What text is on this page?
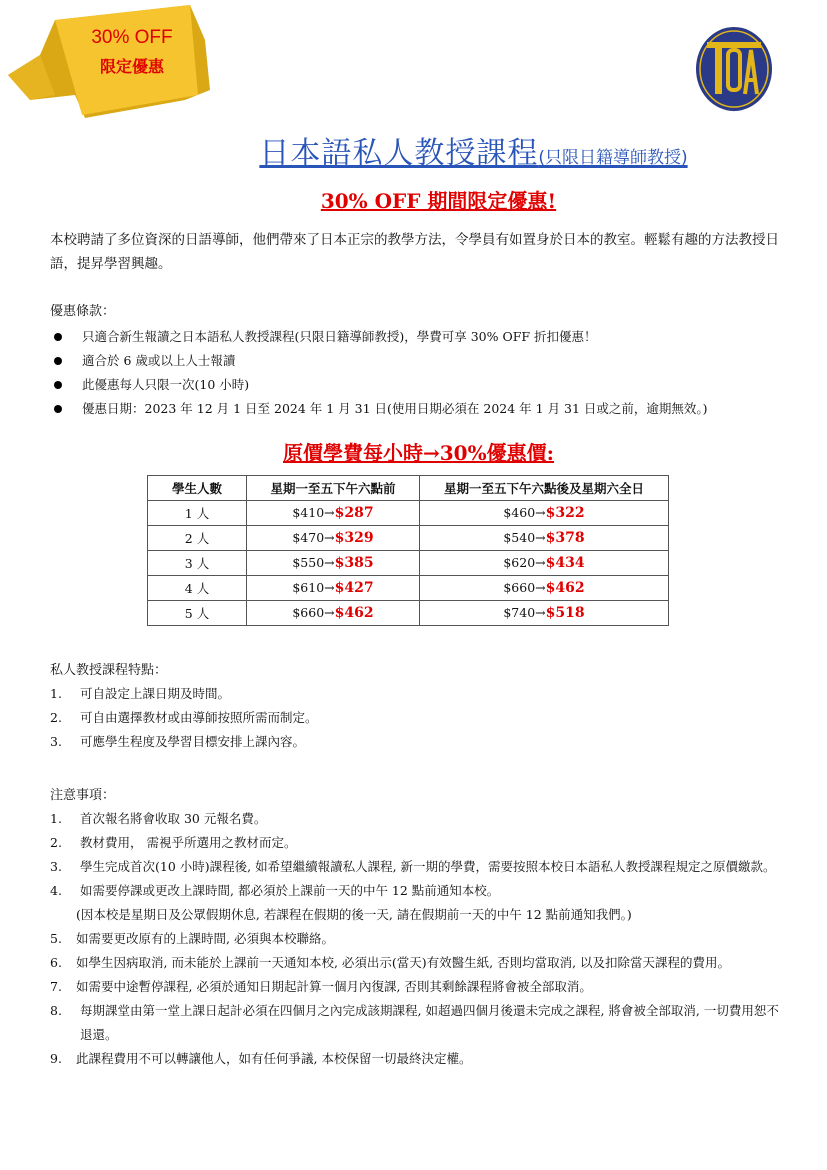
30% OFF
限定優惠
TOA
日本語私人教授課程(只限日籍導師教授)
30% OFF 期間限定優惠!
本校聘請了多位資深的日語導師，他們帶來了日本正宗的教學方法，令學員有如置身於日本的教室。輕鬆有趣的方法教授日語，提昇學習興趣。
優惠條款：
只適合新生報讀之日本語私人教授課程(只限日籍導師教授)，學費可享 30% OFF 折扣優惠！
適合於 6 歲或以上人士報讀
此優惠每人只限一次(10 小時)
優惠日期：2023 年 12 月 1 日至 2024 年 1 月 31 日(使用日期必須在 2024 年 1 月 31 日或之前，逾期無效。)
原價學費每小時→30%優惠價:
學生人數	星期一至五下午六點前	星期一至五下午六點後及星期六全日
1 人	$410→$287	$460→$322
2 人	$470→$329	$540→$378
3 人	$550→$385	$620→$434
4 人	$610→$427	$660→$462
5 人	$660→$462	$740→$518
私人教授課程特點：
1. 可自設定上課日期及時間。
2. 可自由選擇教材或由導師按照所需而制定。
3. 可應學生程度及學習目標安排上課內容。
注意事項：
1. 首次報名將會收取 30 元報名費。
2. 教材費用， 需視乎所選用之教材而定。
3. 學生完成首次(10 小時)課程後, 如希望繼續報讀私人課程, 新一期的學費，需要按照本校日本語私人教授課程規定之原價繳款。
4. 如需要停課或更改上課時間, 都必須於上課前一天的中午 12 點前通知本校。
(因本校是星期日及公眾假期休息, 若課程在假期的後一天, 請在假期前一天的中午 12 點前通知我們。)
5. 如需要更改原有的上課時間, 必須與本校聯絡。
6. 如學生因病取消, 而未能於上課前一天通知本校, 必須出示(當天)有效醫生紙, 否則均當取消, 以及扣除當天課程的費用。
7. 如需要中途暫停課程, 必須於通知日期起計算一個月內復課, 否則其剩餘課程將會被全部取消。
8. 每期課堂由第一堂上課日起計必須在四個月之內完成該期課程, 如超過四個月後還未完成之課程, 將會被全部取消, 一切費用恕不退還。
9. 此課程費用不可以轉讓他人，如有任何爭議, 本校保留一切最終決定權。
